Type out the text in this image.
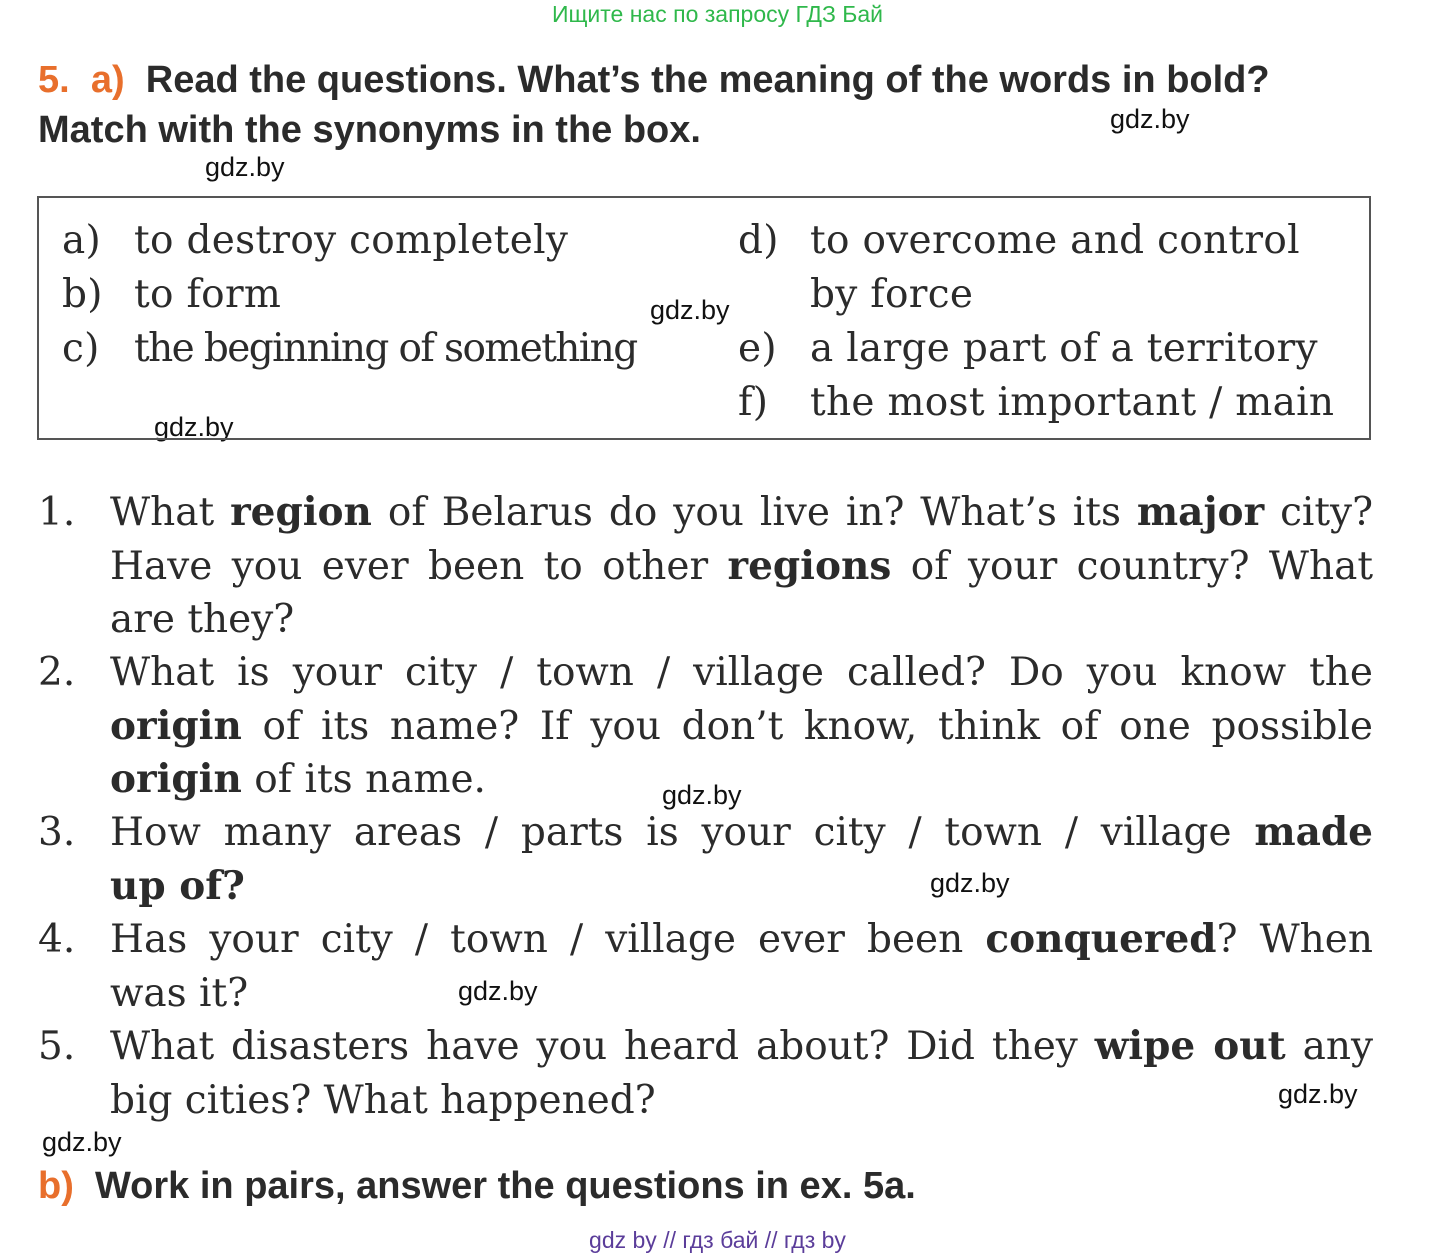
Ищите нас по запросу ГДЗ Бай
5. a) Read the questions. What’s the meaning of the words in bold?
Match with the synonyms in the box.
gdz.by
gdz.by
gdz.by
gdz.by
gdz.by
gdz.by
gdz.by
gdz.by
gdz.by
a) to destroy completely
b) to form
c) the beginning of something
d) to overcome and control
by force
e) a large part of a territory
f) the most important / main
1. What region of Belarus do you live in? What’s its major city?
Have you ever been to other regions of your country? What
are they?
2. What is your city / town / village called? Do you know the
origin of its name? If you don’t know, think of one possible
origin of its name.
3. How many areas / parts is your city / town / village made
up of?
4. Has your city / town / village ever been conquered? When
was it?
5. What disasters have you heard about? Did they wipe out any
big cities? What happened?
b) Work in pairs, answer the questions in ex. 5a.
gdz by // гдз бай // гдз by
